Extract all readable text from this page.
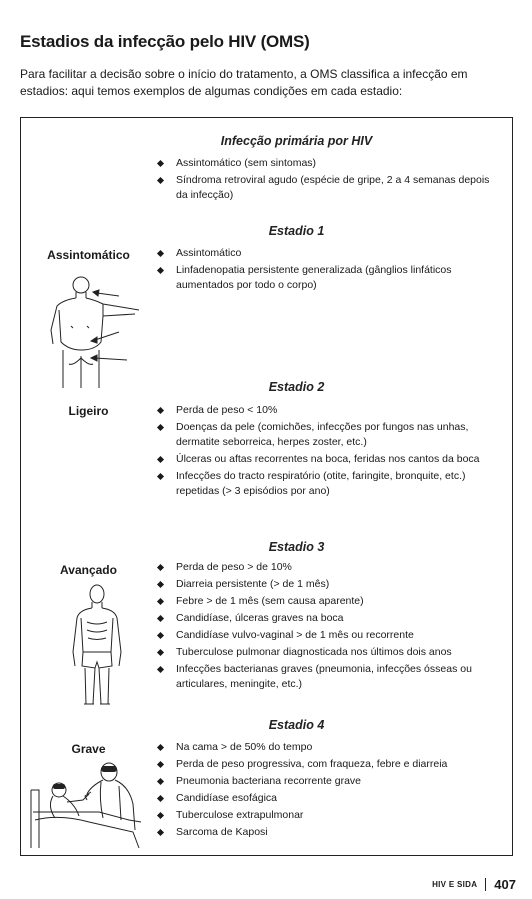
Estadios da infecção pelo HIV (OMS)

Para facilitar a decisão sobre o início do tratamento, a OMS classifica a infecção em estadios: aqui temos exemplos de algumas condições em cada estadio:

Infecção primária por HIV
Assintomático (sem sintomas)
Síndroma retroviral agudo (espécie de gripe, 2 a 4 semanas depois da infecção)
Estadio 1
Assintomático	Assintomático
Linfadenopatia persistente generalizada (gânglios linfáticos aumentados por todo o corpo)
Estadio 2
Ligeiro	Perda de peso < 10%
Doenças da pele (comichões, infecções por fungos nas unhas, dermatite seborreica, herpes zoster, etc.)
Úlceras ou aftas recorrentes na boca, feridas nos cantos da boca
Infecções do tracto respiratório (otite, faringite, bronquite, etc.) repetidas (> 3 episódios por ano)
Estadio 3
Avançado	Perda de peso > de 10%
Diarreia persistente (> de 1 mês)
Febre > de 1 mês (sem causa aparente)
Candidíase, úlceras graves na boca
Candidíase vulvo-vaginal > de 1 mês ou recorrente
Tuberculose pulmonar diagnosticada nos últimos dois anos
Infecções bacterianas graves (pneumonia, infecções ósseas ou articulares, meningite, etc.)
Estadio 4
Grave	Na cama > de 50% do tempo
Perda de peso progressiva, com fraqueza, febre e diarreia
Pneumonia bacteriana recorrente grave
Candidíase esofágica
Tuberculose extrapulmonar
Sarcoma de Kaposi
HIV E SIDA 407
